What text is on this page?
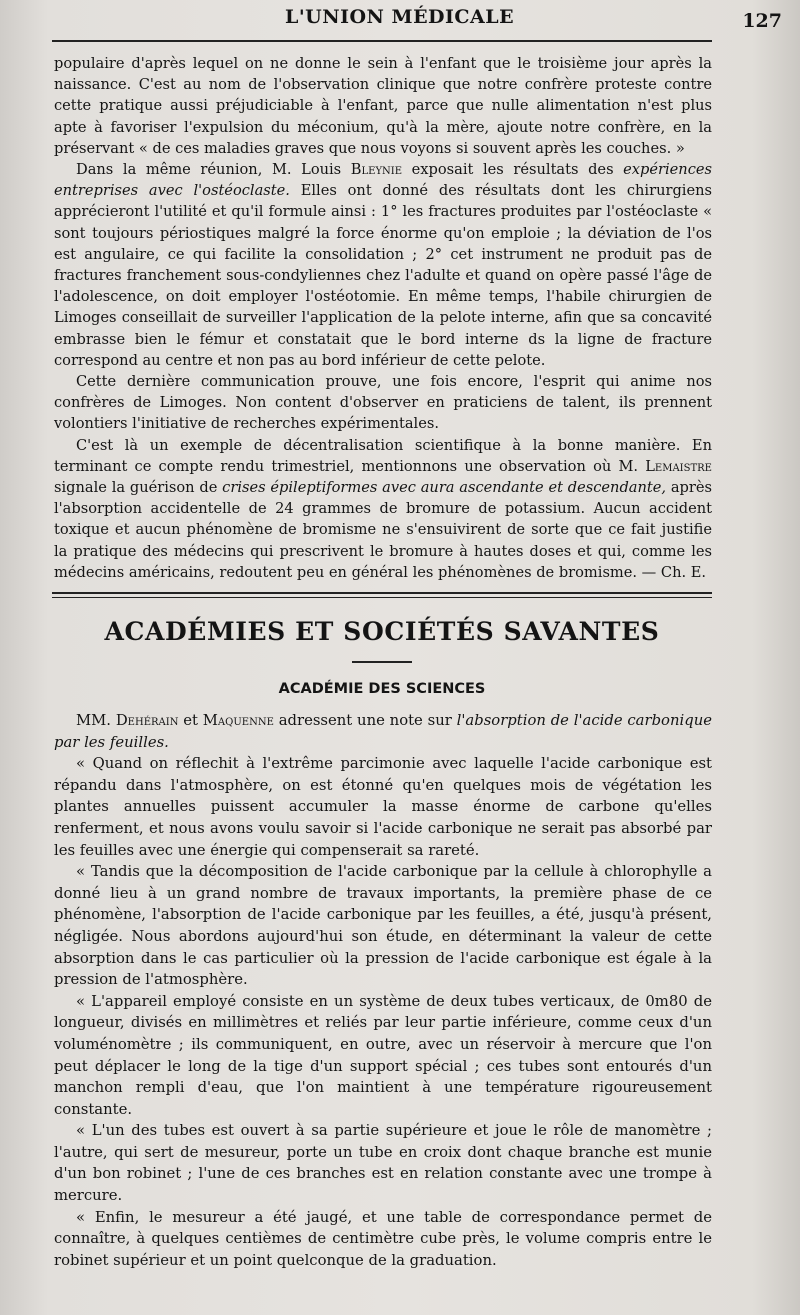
L'UNION MÉDICALE	127

populaire d'après lequel on ne donne le sein à l'enfant que le troisième jour après la naissance. C'est au nom de l'observation clinique que notre confrère proteste contre cette pratique aussi préjudiciable à l'enfant, parce que nulle alimentation n'est plus apte à favoriser l'expulsion du méconium, qu'à la mère, ajoute notre confrère, en la préservant « de ces maladies graves que nous voyons si souvent après les couches. »

Dans la même réunion, M. Louis Bleynie exposait les résultats des expériences entreprises avec l'ostéoclaste. Elles ont donné des résultats dont les chirurgiens apprécieront l'utilité et qu'il formule ainsi : 1° les fractures produites par l'ostéoclaste « sont toujours périostiques malgré la force énorme qu'on emploie ; la déviation de l'os est angulaire, ce qui facilite la consolidation ; 2° cet instrument ne produit pas de fractures franchement sous-condyliennes chez l'adulte et quand on opère passé l'âge de l'adolescence, on doit employer l'ostéotomie. En même temps, l'habile chirurgien de Limoges conseillait de surveiller l'application de la pelote interne, afin que sa concavité embrasse bien le fémur et constatait que le bord interne ds la ligne de fracture correspond au centre et non pas au bord inférieur de cette pelote.

Cette dernière communication prouve, une fois encore, l'esprit qui anime nos confrères de Limoges. Non content d'observer en praticiens de talent, ils prennent volontiers l'initiative de recherches expérimentales.

C'est là un exemple de décentralisation scientifique à la bonne manière. En terminant ce compte rendu trimestriel, mentionnons une observation où M. Lemaistre signale la guérison de crises épileptiformes avec aura ascendante et descendante, après l'absorption accidentelle de 24 grammes de bromure de potassium. Aucun accident toxique et aucun phénomène de bromisme ne s'ensuivirent de sorte que ce fait justifie la pratique des médecins qui prescrivent le bromure à hautes doses et qui, comme les médecins américains, redoutent peu en général les phénomènes de bromisme. — Ch. E.

ACADÉMIES ET SOCIÉTÉS SAVANTES
ACADÉMIE DES SCIENCES

MM. Dehérain et Maquenne adressent une note sur l'absorption de l'acide carbonique par les feuilles.

« Quand on réflechit à l'extrême parcimonie avec laquelle l'acide carbonique est répandu dans l'atmosphère, on est étonné qu'en quelques mois de végétation les plantes annuelles puissent accumuler la masse énorme de carbone qu'elles renferment, et nous avons voulu savoir si l'acide carbonique ne serait pas absorbé par les feuilles avec une énergie qui compenserait sa rareté.

« Tandis que la décomposition de l'acide carbonique par la cellule à chlorophylle a donné lieu à un grand nombre de travaux importants, la première phase de ce phénomène, l'absorption de l'acide carbonique par les feuilles, a été, jusqu'à présent, négligée. Nous abordons aujourd'hui son étude, en déterminant la valeur de cette absorption dans le cas particulier où la pression de l'acide carbonique est égale à la pression de l'atmosphère.

« L'appareil employé consiste en un système de deux tubes verticaux, de 0m80 de longueur, divisés en millimètres et reliés par leur partie inférieure, comme ceux d'un voluménomètre ; ils communiquent, en outre, avec un réservoir à mercure que l'on peut déplacer le long de la tige d'un support spécial ; ces tubes sont entourés d'un manchon rempli d'eau, que l'on maintient à une température rigoureusement constante.

« L'un des tubes est ouvert à sa partie supérieure et joue le rôle de manomètre ; l'autre, qui sert de mesureur, porte un tube en croix dont chaque branche est munie d'un bon robinet ; l'une de ces branches est en relation constante avec une trompe à mercure.

« Enfin, le mesureur a été jaugé, et une table de correspondance permet de connaître, à quelques centièmes de centimètre cube près, le volume compris entre le robinet supérieur et un point quelconque de la graduation.
